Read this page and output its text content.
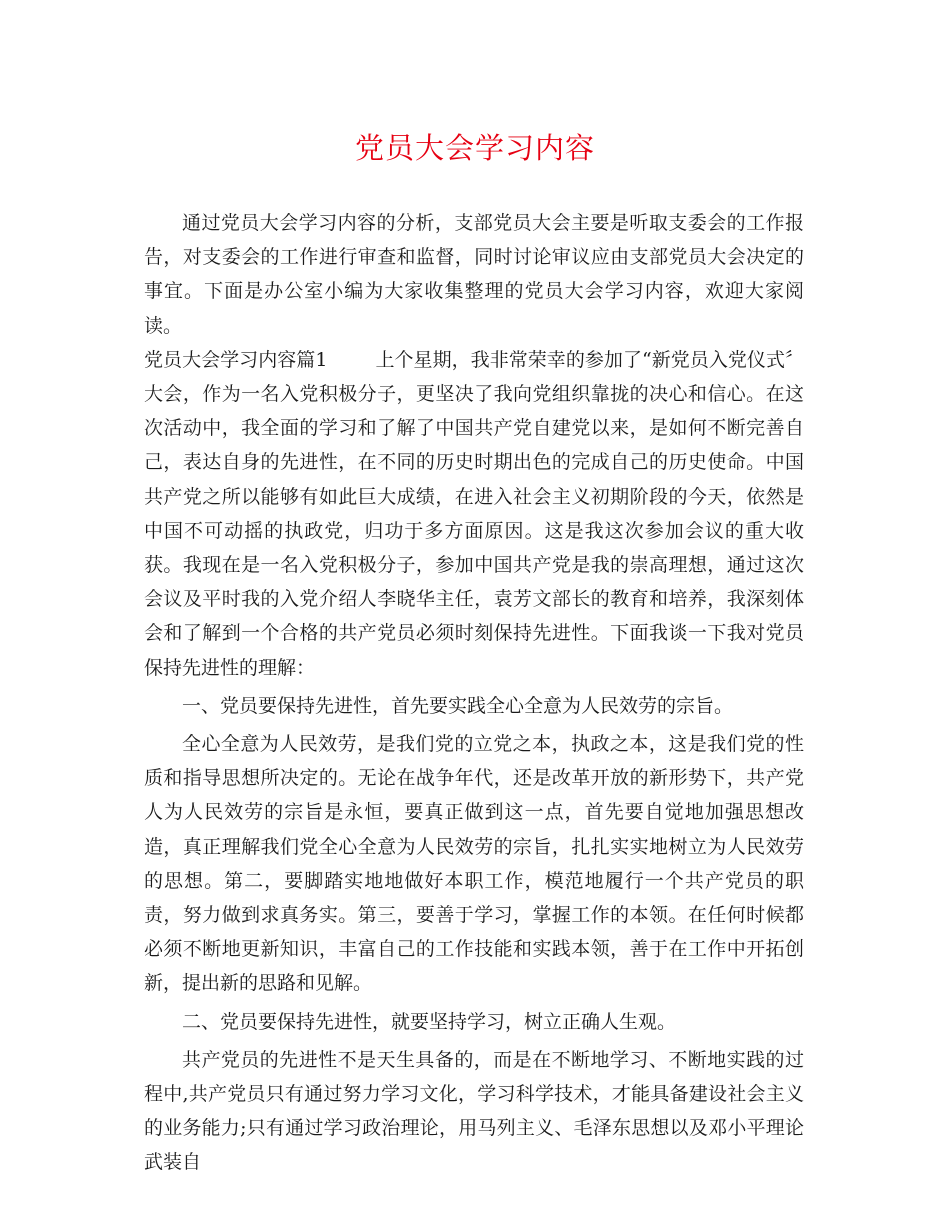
党员大会学习内容

通过党员大会学习内容的分析，支部党员大会主要是听取支委会的工作报告，对支委会的工作进行审查和监督，同时讨论审议应由支部党员大会决定的事宜。下面是办公室小编为大家收集整理的党员大会学习内容，欢迎大家阅读。

党员大会学习内容篇1	上个星期，我非常荣幸的参加了“新党员入党仪式〞大会，作为一名入党积极分子，更坚决了我向党组织靠拢的决心和信心。在这次活动中，我全面的学习和了解了中国共产党自建党以来，是如何不断完善自己，表达自身的先进性，在不同的历史时期出色的完成自己的历史使命。中国共产党之所以能够有如此巨大成绩，在进入社会主义初期阶段的今天，依然是中国不可动摇的执政党，归功于多方面原因。这是我这次参加会议的重大收获。我现在是一名入党积极分子，参加中国共产党是我的崇高理想，通过这次会议及平时我的入党介绍人李晓华主任，袁芳文部长的教育和培养，我深刻体会和了解到一个合格的共产党员必须时刻保持先进性。下面我谈一下我对党员保持先进性的理解：

一、党员要保持先进性，首先要实践全心全意为人民效劳的宗旨。

全心全意为人民效劳，是我们党的立党之本，执政之本，这是我们党的性质和指导思想所决定的。无论在战争年代，还是改革开放的新形势下，共产党人为人民效劳的宗旨是永恒，要真正做到这一点，首先要自觉地加强思想改造，真正理解我们党全心全意为人民效劳的宗旨，扎扎实实地树立为人民效劳的思想。第二，要脚踏实地地做好本职工作，模范地履行一个共产党员的职责，努力做到求真务实。第三，要善于学习，掌握工作的本领。在任何时候都必须不断地更新知识，丰富自己的工作技能和实践本领，善于在工作中开拓创新，提出新的思路和见解。

二、党员要保持先进性，就要坚持学习，树立正确人生观。

共产党员的先进性不是天生具备的，而是在不断地学习、不断地实践的过程中,共产党员只有通过努力学习文化，学习科学技术，才能具备建设社会主义的业务能力;只有通过学习政治理论，用马列主义、毛泽东思想以及邓小平理论武装自
